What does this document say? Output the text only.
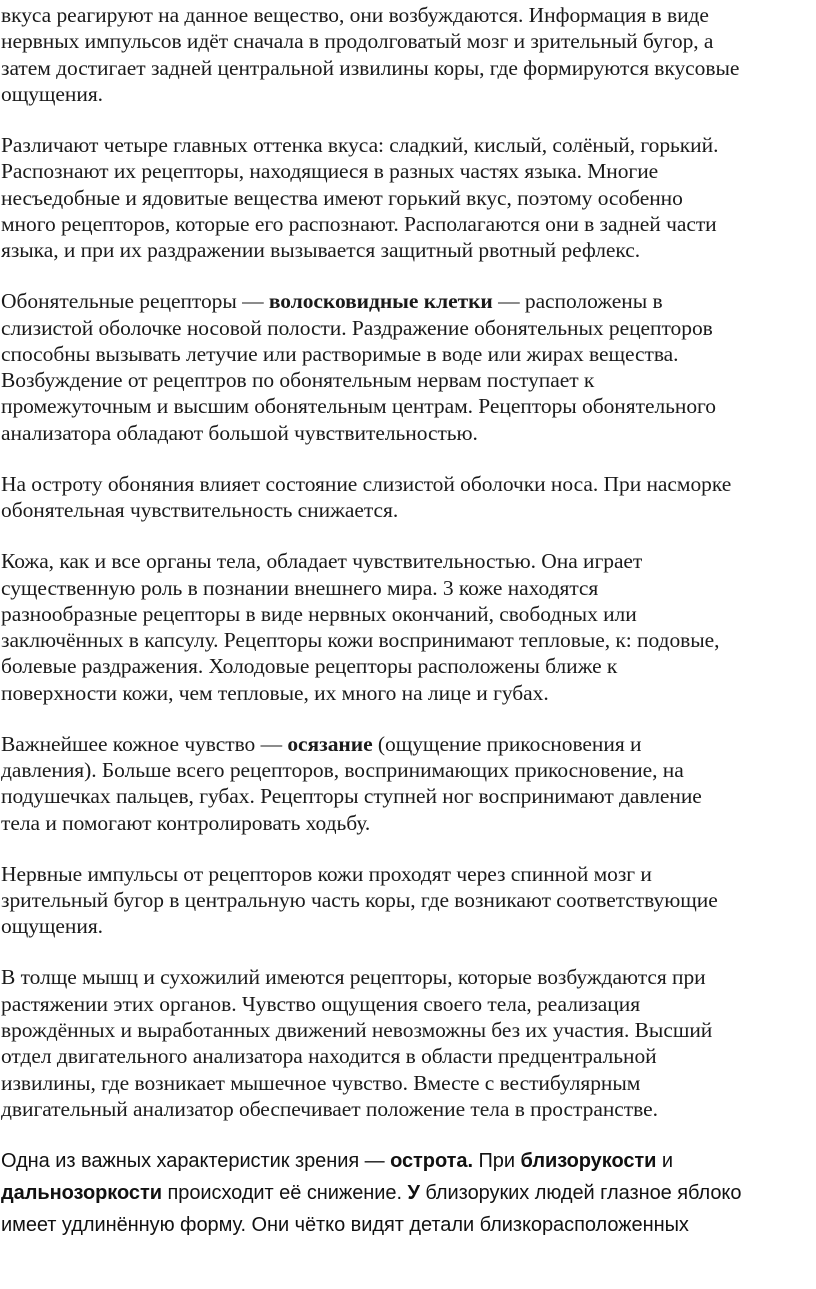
вкуса реагируют на данное вещество, они возбуждаются. Информация в виде
нервных импульсов идёт сначала в продолговатый мозг и зрительный бугор, а
затем достигает задней центральной извилины коры, где формируются вкусовые
ощущения.

Различают четыре главных оттенка вкуса: сладкий, кислый, солёный, горький.
Распознают их рецепторы, находящиеся в разных частях языка. Многие
несъедобные и ядовитые вещества имеют горький вкус, поэтому особенно
много рецепторов, которые его распознают. Располагаются они в задней части
языка, и при их раздражении вызывается защитный рвотный рефлекс.

Обонятельные рецепторы — волосковидные клетки — расположены в
слизистой оболочке носовой полости. Раздражение обонятельных рецепторов
способны вызывать летучие или растворимые в воде или жирах вещества.
Возбуждение от рецептров по обонятельным нервам поступает к
промежуточным и высшим обонятельным центрам. Рецепторы обонятельного
анализатора обладают большой чувствительностью.

На остроту обоняния влияет состояние слизистой оболочки носа. При насморке
обонятельная чувствительность снижается.

Кожа, как и все органы тела, обладает чувствительностью. Она играет
существенную роль в познании внешнего мира. 3 коже находятся
разнообразные рецепторы в виде нервных окончаний, свободных или
заключённых в капсулу. Рецепторы кожи воспринимают тепловые, к: подовые,
болевые раздражения. Холодовые рецепторы расположены ближе к
поверхности кожи, чем тепловые, их много на лице и губах.

Важнейшее кожное чувство — осязание (ощущение прикосновения и
давления). Больше всего рецепторов, воспринимающих прикосновение, на
подушечках пальцев, губах. Рецепторы ступней ног воспринимают давление
тела и помогают контролировать ходьбу.

Нервные импульсы от рецепторов кожи проходят через спинной мозг и
зрительный бугор в центральную часть коры, где возникают соответствующие
ощущения.

В толще мышц и сухожилий имеются рецепторы, которые возбуждаются при
растяжении этих органов. Чувство ощущения своего тела, реализация
врождённых и выработанных движений невозможны без их участия. Высший
отдел двигательного анализатора находится в области предцентральной
извилины, где возникает мышечное чувство. Вместе с вестибулярным
двигательный анализатор обеспечивает положение тела в пространстве.

Одна из важных характеристик зрения — острота. При близорукости и
дальнозоркости происходит её снижение. У близоруких людей глазное яблоко
имеет удлинённую форму. Они чётко видят детали близкорасположенных
